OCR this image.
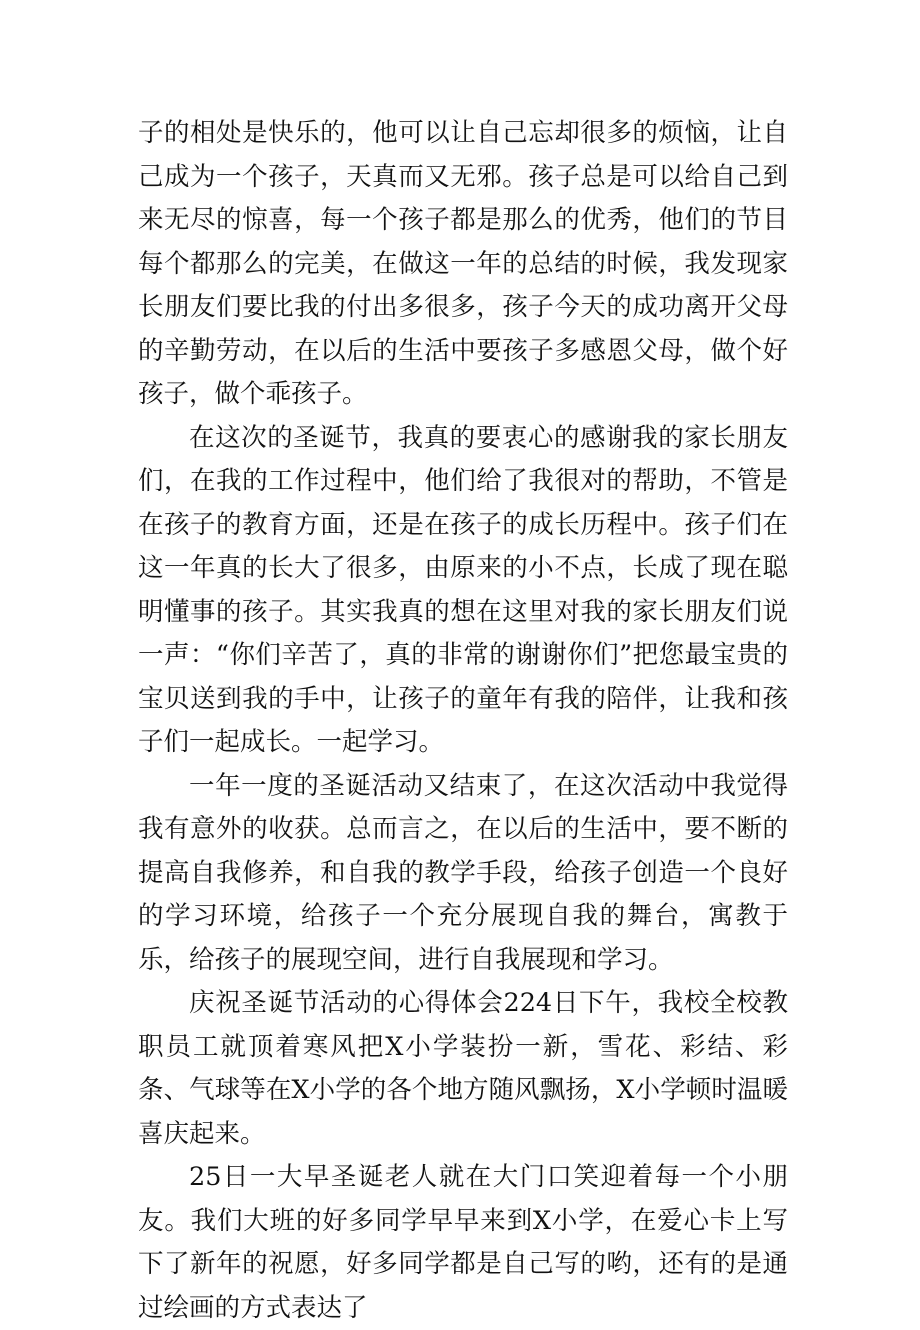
子的相处是快乐的，他可以让自己忘却很多的烦恼，让自己成为一个孩子，天真而又无邪。孩子总是可以给自己到来无尽的惊喜，每一个孩子都是那么的优秀，他们的节目每个都那么的完美，在做这一年的总结的时候，我发现家长朋友们要比我的付出多很多，孩子今天的成功离开父母的辛勤劳动，在以后的生活中要孩子多感恩父母，做个好孩子，做个乖孩子。

在这次的圣诞节，我真的要衷心的感谢我的家长朋友们，在我的工作过程中，他们给了我很对的帮助，不管是在孩子的教育方面，还是在孩子的成长历程中。孩子们在这一年真的长大了很多，由原来的小不点，长成了现在聪明懂事的孩子。其实我真的想在这里对我的家长朋友们说一声：“你们辛苦了，真的非常的谢谢你们”把您最宝贵的宝贝送到我的手中，让孩子的童年有我的陪伴，让我和孩子们一起成长。一起学习。

一年一度的圣诞活动又结束了，在这次活动中我觉得我有意外的收获。总而言之，在以后的生活中，要不断的提高自我修养，和自我的教学手段，给孩子创造一个良好的学习环境，给孩子一个充分展现自我的舞台，寓教于乐，给孩子的展现空间，进行自我展现和学习。

庆祝圣诞节活动的心得体会224日下午，我校全校教职员工就顶着寒风把X小学装扮一新，雪花、彩结、彩条、气球等在X小学的各个地方随风飘扬，X小学顿时温暖喜庆起来。

25日一大早圣诞老人就在大门口笑迎着每一个小朋友。我们大班的好多同学早早来到X小学，在爱心卡上写下了新年的祝愿，好多同学都是自己写的哟，还有的是通过绘画的方式表达了
